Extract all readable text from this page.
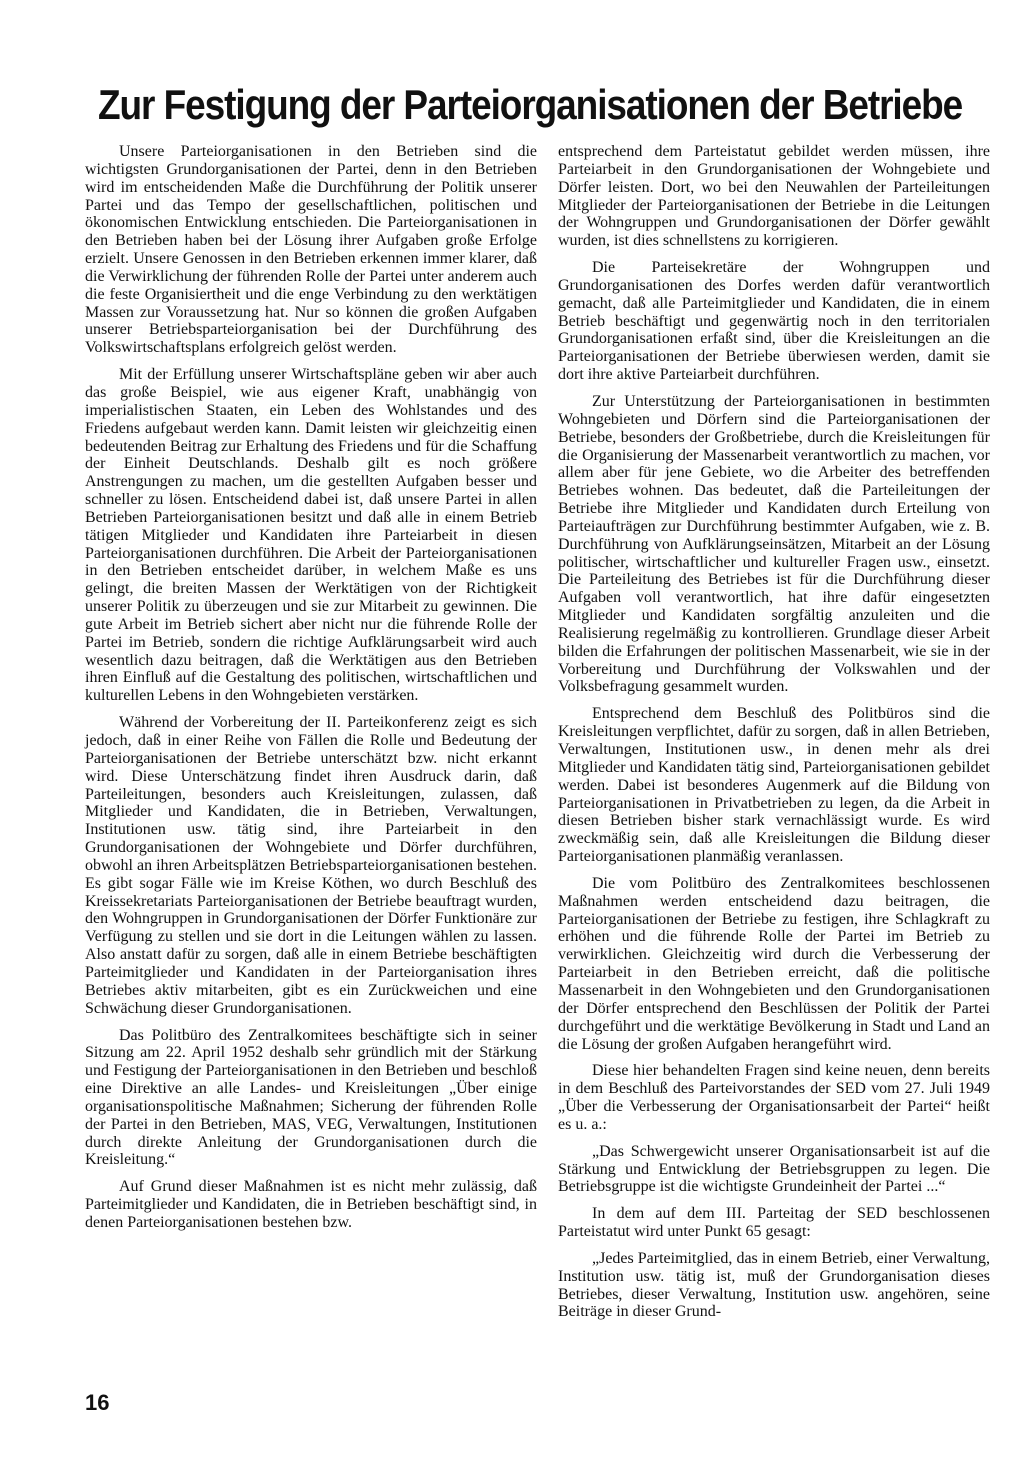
Zur Festigung der Parteiorganisationen der Betriebe

Unsere Parteiorganisationen in den Betrieben sind die wichtigsten Grundorganisationen der Partei, denn in den Betrieben wird im entscheidenden Maße die Durchführung der Politik unserer Partei und das Tempo der gesellschaftlichen, politischen und ökonomischen Entwicklung entschieden. Die Parteiorganisationen in den Betrieben haben bei der Lösung ihrer Aufgaben große Erfolge erzielt. Unsere Genossen in den Betrieben erkennen immer klarer, daß die Verwirklichung der führenden Rolle der Partei unter anderem auch die feste Organisiertheit und die enge Verbindung zu den werktätigen Massen zur Voraussetzung hat. Nur so können die großen Aufgaben unserer Betriebsparteiorganisation bei der Durchführung des Volkswirtschaftsplans erfolgreich gelöst werden.

Mit der Erfüllung unserer Wirtschaftspläne geben wir aber auch das große Beispiel, wie aus eigener Kraft, unabhängig von imperialistischen Staaten, ein Leben des Wohlstandes und des Friedens aufgebaut werden kann. Damit leisten wir gleichzeitig einen bedeutenden Beitrag zur Erhaltung des Friedens und für die Schaffung der Einheit Deutschlands. Deshalb gilt es noch größere Anstrengungen zu machen, um die gestellten Aufgaben besser und schneller zu lösen. Entscheidend dabei ist, daß unsere Partei in allen Betrieben Parteiorganisationen besitzt und daß alle in einem Betrieb tätigen Mitglieder und Kandidaten ihre Parteiarbeit in diesen Parteiorganisationen durchführen. Die Arbeit der Parteiorganisationen in den Betrieben entscheidet darüber, in welchem Maße es uns gelingt, die breiten Massen der Werktätigen von der Richtigkeit unserer Politik zu überzeugen und sie zur Mitarbeit zu gewinnen. Die gute Arbeit im Betrieb sichert aber nicht nur die führende Rolle der Partei im Betrieb, sondern die richtige Aufklärungsarbeit wird auch wesentlich dazu beitragen, daß die Werktätigen aus den Betrieben ihren Einfluß auf die Gestaltung des politischen, wirtschaftlichen und kulturellen Lebens in den Wohngebieten verstärken.

Während der Vorbereitung der II. Parteikonferenz zeigt es sich jedoch, daß in einer Reihe von Fällen die Rolle und Bedeutung der Parteiorganisationen der Betriebe unterschätzt bzw. nicht erkannt wird. Diese Unterschätzung findet ihren Ausdruck darin, daß Parteileitungen, besonders auch Kreisleitungen, zulassen, daß Mitglieder und Kandidaten, die in Betrieben, Verwaltungen, Institutionen usw. tätig sind, ihre Parteiarbeit in den Grundorganisationen der Wohngebiete und Dörfer durchführen, obwohl an ihren Arbeitsplätzen Betriebsparteiorganisationen bestehen. Es gibt sogar Fälle wie im Kreise Köthen, wo durch Beschluß des Kreissekretariats Parteiorganisationen der Betriebe beauftragt wurden, den Wohngruppen in Grundorganisationen der Dörfer Funktionäre zur Verfügung zu stellen und sie dort in die Leitungen wählen zu lassen. Also anstatt dafür zu sorgen, daß alle in einem Betriebe beschäftigten Parteimitglieder und Kandidaten in der Parteiorganisation ihres Betriebes aktiv mitarbeiten, gibt es ein Zurückweichen und eine Schwächung dieser Grundorganisationen.

Das Politbüro des Zentralkomitees beschäftigte sich in seiner Sitzung am 22. April 1952 deshalb sehr gründlich mit der Stärkung und Festigung der Parteiorganisationen in den Betrieben und beschloß eine Direktive an alle Landes- und Kreisleitungen „Über einige organisationspolitische Maßnahmen; Sicherung der führenden Rolle der Partei in den Betrieben, MAS, VEG, Verwaltungen, Institutionen durch direkte Anleitung der Grundorganisationen durch die Kreisleitung.“

Auf Grund dieser Maßnahmen ist es nicht mehr zulässig, daß Parteimitglieder und Kandidaten, die in Betrieben beschäftigt sind, in denen Parteiorganisationen bestehen bzw.

entsprechend dem Parteistatut gebildet werden müssen, ihre Parteiarbeit in den Grundorganisationen der Wohngebiete und Dörfer leisten. Dort, wo bei den Neuwahlen der Parteileitungen Mitglieder der Parteiorganisationen der Betriebe in die Leitungen der Wohngruppen und Grundorganisationen der Dörfer gewählt wurden, ist dies schnellstens zu korrigieren.

Die Parteisekretäre der Wohngruppen und Grundorganisationen des Dorfes werden dafür verantwortlich gemacht, daß alle Parteimitglieder und Kandidaten, die in einem Betrieb beschäftigt und gegenwärtig noch in den territorialen Grundorganisationen erfaßt sind, über die Kreisleitungen an die Parteiorganisationen der Betriebe überwiesen werden, damit sie dort ihre aktive Parteiarbeit durchführen.

Zur Unterstützung der Parteiorganisationen in bestimmten Wohngebieten und Dörfern sind die Parteiorganisationen der Betriebe, besonders der Großbetriebe, durch die Kreisleitungen für die Organisierung der Massenarbeit verantwortlich zu machen, vor allem aber für jene Gebiete, wo die Arbeiter des betreffenden Betriebes wohnen. Das bedeutet, daß die Parteileitungen der Betriebe ihre Mitglieder und Kandidaten durch Erteilung von Parteiaufträgen zur Durchführung bestimmter Aufgaben, wie z. B. Durchführung von Aufklärungseinsätzen, Mitarbeit an der Lösung politischer, wirtschaftlicher und kultureller Fragen usw., einsetzt. Die Parteileitung des Betriebes ist für die Durchführung dieser Aufgaben voll verantwortlich, hat ihre dafür eingesetzten Mitglieder und Kandidaten sorgfältig anzuleiten und die Realisierung regelmäßig zu kontrollieren. Grundlage dieser Arbeit bilden die Erfahrungen der politischen Massenarbeit, wie sie in der Vorbereitung und Durchführung der Volkswahlen und der Volksbefragung gesammelt wurden.

Entsprechend dem Beschluß des Politbüros sind die Kreisleitungen verpflichtet, dafür zu sorgen, daß in allen Betrieben, Verwaltungen, Institutionen usw., in denen mehr als drei Mitglieder und Kandidaten tätig sind, Parteiorganisationen gebildet werden. Dabei ist besonderes Augenmerk auf die Bildung von Parteiorganisationen in Privatbetrieben zu legen, da die Arbeit in diesen Betrieben bisher stark vernachlässigt wurde. Es wird zweckmäßig sein, daß alle Kreisleitungen die Bildung dieser Parteiorganisationen planmäßig veranlassen.

Die vom Politbüro des Zentralkomitees beschlossenen Maßnahmen werden entscheidend dazu beitragen, die Parteiorganisationen der Betriebe zu festigen, ihre Schlagkraft zu erhöhen und die führende Rolle der Partei im Betrieb zu verwirklichen. Gleichzeitig wird durch die Verbesserung der Parteiarbeit in den Betrieben erreicht, daß die politische Massenarbeit in den Wohngebieten und den Grundorganisationen der Dörfer entsprechend den Beschlüssen der Politik der Partei durchgeführt und die werktätige Bevölkerung in Stadt und Land an die Lösung der großen Aufgaben herangeführt wird.

Diese hier behandelten Fragen sind keine neuen, denn bereits in dem Beschluß des Parteivorstandes der SED vom 27. Juli 1949 „Über die Verbesserung der Organisationsarbeit der Partei“ heißt es u. a.:

„Das Schwergewicht unserer Organisationsarbeit ist auf die Stärkung und Entwicklung der Betriebsgruppen zu legen. Die Betriebsgruppe ist die wichtigste Grundeinheit der Partei ...“

In dem auf dem III. Parteitag der SED beschlossenen Parteistatut wird unter Punkt 65 gesagt:

„Jedes Parteimitglied, das in einem Betrieb, einer Verwaltung, Institution usw. tätig ist, muß der Grundorganisation dieses Betriebes, dieser Verwaltung, Institution usw. angehören, seine Beiträge in dieser Grund-

16
